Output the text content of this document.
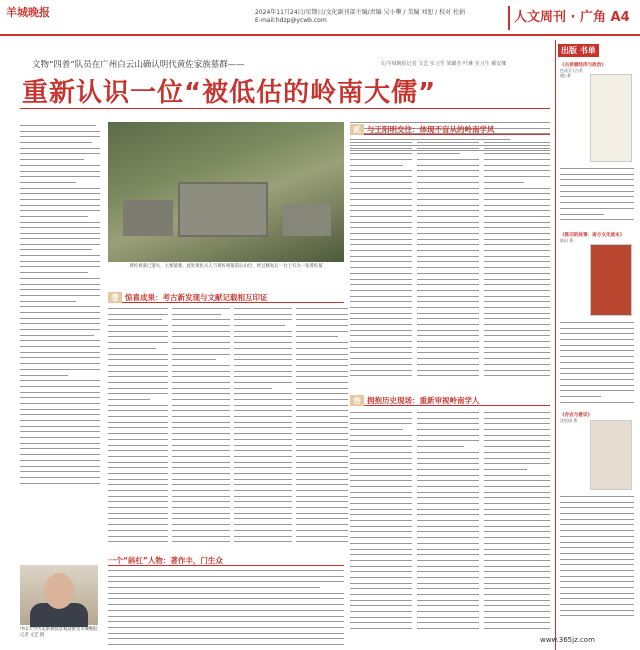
羊城晚报	2024年11月24日/星期日/文化副刊部主编/责编 吴小攀 / 美编 刘恕 / 校对 杜娟
E-mail:hdzp@ycwb.com	人文周刊 · 广角 A4
文物“四普”队员在广州白云山确认明代黄佐家族墓群——	文/羊城晚报记者 文艺 实习生 梁璐杰 叶琳 实习生 戴安娜
重新认识一位“被低估的岭南大儒”
黄佐祖墓已遗失，主要墓葬，此处黄佐夫人与黄佐祖墓前后山位，经过修复后一台上有为一张黄佐墓
壹 惊喜成果：考古新发现与文献记载相互印证
一个“斜杠”人物：著作丰，门生众
中山大学历史系教授景蜀慧接受羊城晚报记者 文艺 摄
贰 与王阳明交往：体现不盲从的岭南学风
叁 拥抱历史现场：重新审视岭南学人
出版 书单
《古希腊经济与政治》
色诺芬 [古希腊] 著
《陈旧的故事：南方文化读本》
陈旧 著
《存在与意识》
沈松琦 著
www.365jz.com
